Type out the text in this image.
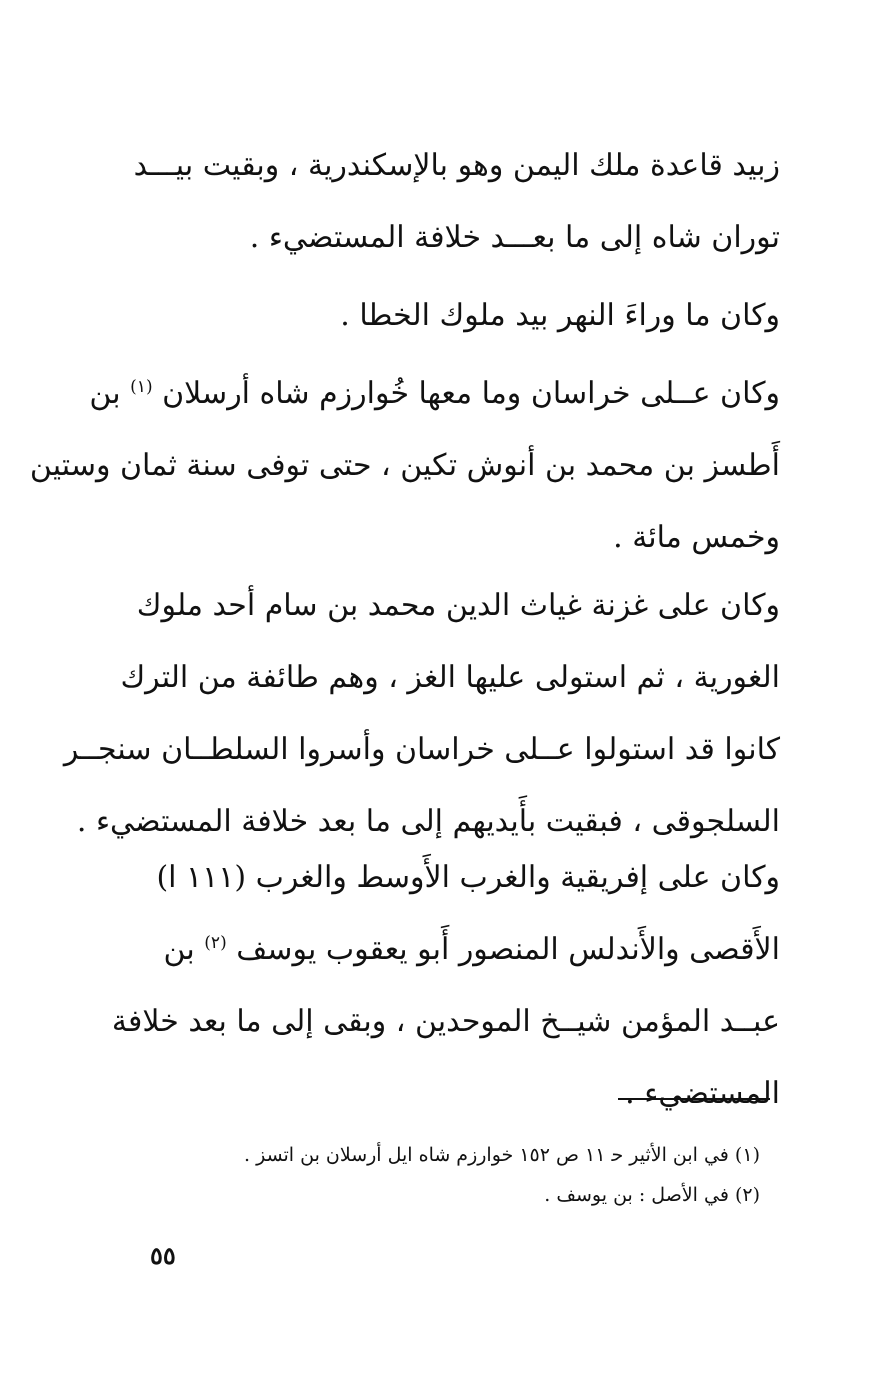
زبيد قاعدة ملك اليمن وهو بالإسكندرية ، وبقيت بيـــد
توران شاه إلى ما بعـــد خلافة المستضيء .
وكان ما وراءَ النهر بيد ملوك الخطا .
وكان عــلى خراسان وما معها خُوارزم شاه أرسلان $^{(١)}$ بن
أَطسز بن محمد بن أنوش تكين ، حتى توفى سنة ثمان وستين
وخمس مائة .
وكان على غزنة غياث الدين محمد بن سام أحد ملوك
الغورية ، ثم استولى عليها الغز ، وهم طائفة من الترك
كانوا قد استولوا عــلى خراسان وأسروا السلطــان سنجــر
السلجوقى ، فبقيت بأَيديهم إلى ما بعد خلافة المستضيء .
وكان على إفريقية والغرب الأَوسط والغرب (١١١ ا)
الأَقصى والأَندلس المنصور أَبو يعقوب يوسف $^{(٢)}$ بن
عبــد المؤمن شيــخ الموحدين ، وبقى إلى ما بعد خلافة
المستضيء .
(١) في ابن الأثير ﺣ ١١ ص ١٥٢ خوارزم شاه ايل أرسلان بن اتسز .
(٢) في الأصل : بن يوسف .
٥٥
